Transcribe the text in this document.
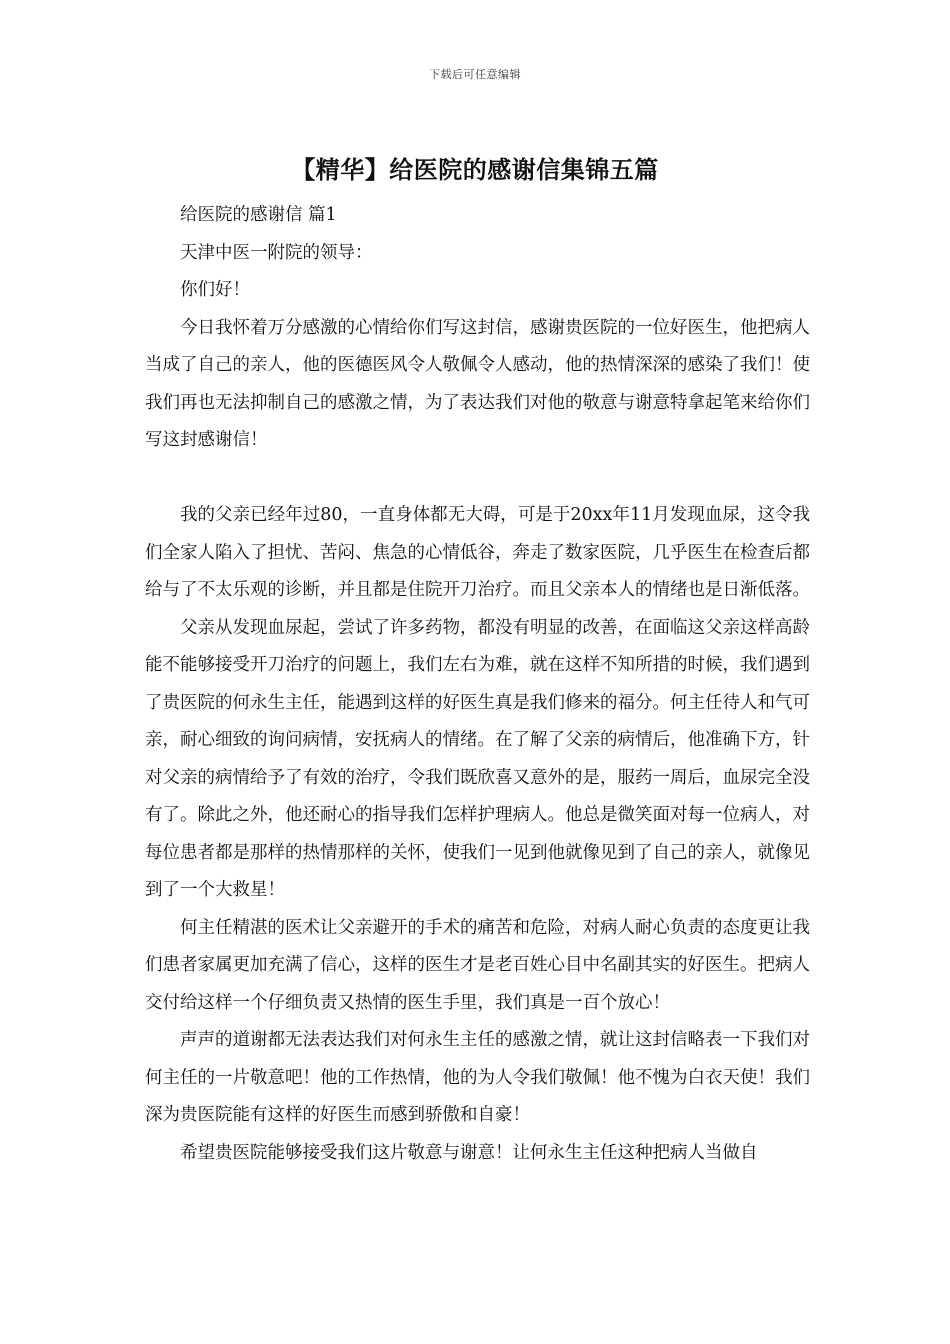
下载后可任意编辑
【精华】给医院的感谢信集锦五篇

给医院的感谢信 篇1

天津中医一附院的领导：

你们好！

今日我怀着万分感激的心情给你们写这封信，感谢贵医院的一位好医生，他把病人当成了自己的亲人，他的医德医风令人敬佩令人感动，他的热情深深的感染了我们！使我们再也无法抑制自己的感激之情，为了表达我们对他的敬意与谢意特拿起笔来给你们写这封感谢信！

我的父亲已经年过80，一直身体都无大碍，可是于20xx年11月发现血尿，这令我们全家人陷入了担忧、苦闷、焦急的心情低谷，奔走了数家医院，几乎医生在检查后都给与了不太乐观的诊断，并且都是住院开刀治疗。而且父亲本人的情绪也是日渐低落。

父亲从发现血尿起，尝试了许多药物，都没有明显的改善，在面临这父亲这样高龄能不能够接受开刀治疗的问题上，我们左右为难，就在这样不知所措的时候，我们遇到了贵医院的何永生主任，能遇到这样的好医生真是我们修来的福分。何主任待人和气可亲，耐心细致的询问病情，安抚病人的情绪。在了解了父亲的病情后，他准确下方，针对父亲的病情给予了有效的治疗，令我们既欣喜又意外的是，服药一周后，血尿完全没有了。除此之外，他还耐心的指导我们怎样护理病人。他总是微笑面对每一位病人，对每位患者都是那样的热情那样的关怀，使我们一见到他就像见到了自己的亲人，就像见到了一个大救星！

何主任精湛的医术让父亲避开的手术的痛苦和危险，对病人耐心负责的态度更让我们患者家属更加充满了信心，这样的医生才是老百姓心目中名副其实的好医生。把病人交付给这样一个仔细负责又热情的医生手里，我们真是一百个放心！

声声的道谢都无法表达我们对何永生主任的感激之情，就让这封信略表一下我们对何主任的一片敬意吧！他的工作热情，他的为人令我们敬佩！他不愧为白衣天使！我们深为贵医院能有这样的好医生而感到骄傲和自豪！

希望贵医院能够接受我们这片敬意与谢意！让何永生主任这种把病人当做自
